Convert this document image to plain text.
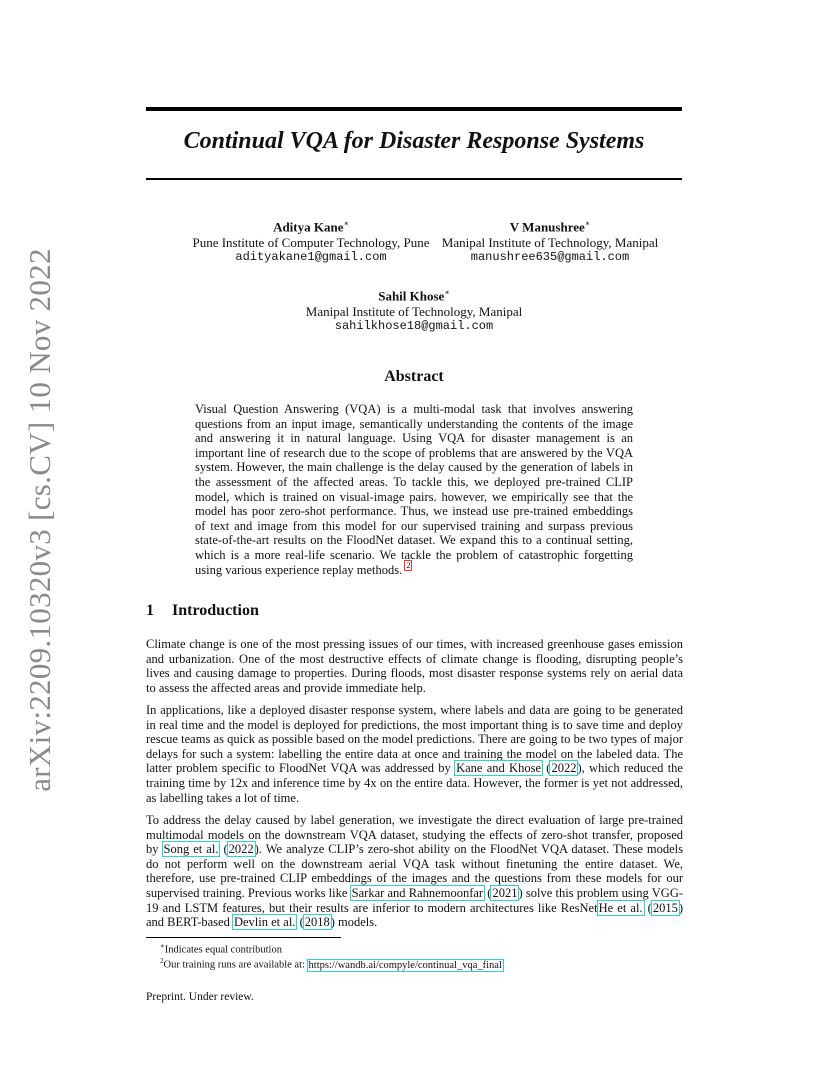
arXiv:2209.10320v3 [cs.CV] 10 Nov 2022
Continual VQA for Disaster Response Systems
Aditya Kane∗
Pune Institute of Computer Technology, Pune
adityakane1@gmail.com
V Manushree∗
Manipal Institute of Technology, Manipal
manushree635@gmail.com
Sahil Khose∗
Manipal Institute of Technology, Manipal
sahilkhose18@gmail.com
Abstract
Visual Question Answering (VQA) is a multi-modal task that involves answering questions from an input image, semantically understanding the contents of the image and answering it in natural language. Using VQA for disaster management is an important line of research due to the scope of problems that are answered by the VQA system. However, the main challenge is the delay caused by the generation of labels in the assessment of the affected areas. To tackle this, we deployed pre-trained CLIP model, which is trained on visual-image pairs. however, we empirically see that the model has poor zero-shot performance. Thus, we instead use pre-trained embeddings of text and image from this model for our supervised training and surpass previous state-of-the-art results on the FloodNet dataset. We expand this to a continual setting, which is a more real-life scenario. We tackle the problem of catastrophic forgetting using various experience replay methods. $^2$
1 Introduction

Climate change is one of the most pressing issues of our times, with increased greenhouse gases emission and urbanization. One of the most destructive effects of climate change is flooding, disrupting people’s lives and causing damage to properties. During floods, most disaster response systems rely on aerial data to assess the affected areas and provide immediate help.

In applications, like a deployed disaster response system, where labels and data are going to be generated in real time and the model is deployed for predictions, the most important thing is to save time and deploy rescue teams as quick as possible based on the model predictions. There are going to be two types of major delays for such a system: labelling the entire data at once and training the model on the labeled data. The latter problem specific to FloodNet VQA was addressed by Kane and Khose (2022), which reduced the training time by 12x and inference time by 4x on the entire data. However, the former is yet not addressed, as labelling takes a lot of time.

To address the delay caused by label generation, we investigate the direct evaluation of large pre-trained multimodal models on the downstream VQA dataset, studying the effects of zero-shot transfer, proposed by Song et al. (2022). We analyze CLIP’s zero-shot ability on the FloodNet VQA dataset. These models do not perform well on the downstream aerial VQA task without finetuning the entire dataset. We, therefore, use pre-trained CLIP embeddings of the images and the questions from these models for our supervised training. Previous works like Sarkar and Rahnemoonfar (2021) solve this problem using VGG-19 and LSTM features, but their results are inferior to modern architectures like ResNetHe et al. (2015) and BERT-based Devlin et al. (2018) models.

∗Indicates equal contribution
$^2$Our training runs are available at: https://wandb.ai/compyle/continual_vqa_final
Preprint. Under review.
